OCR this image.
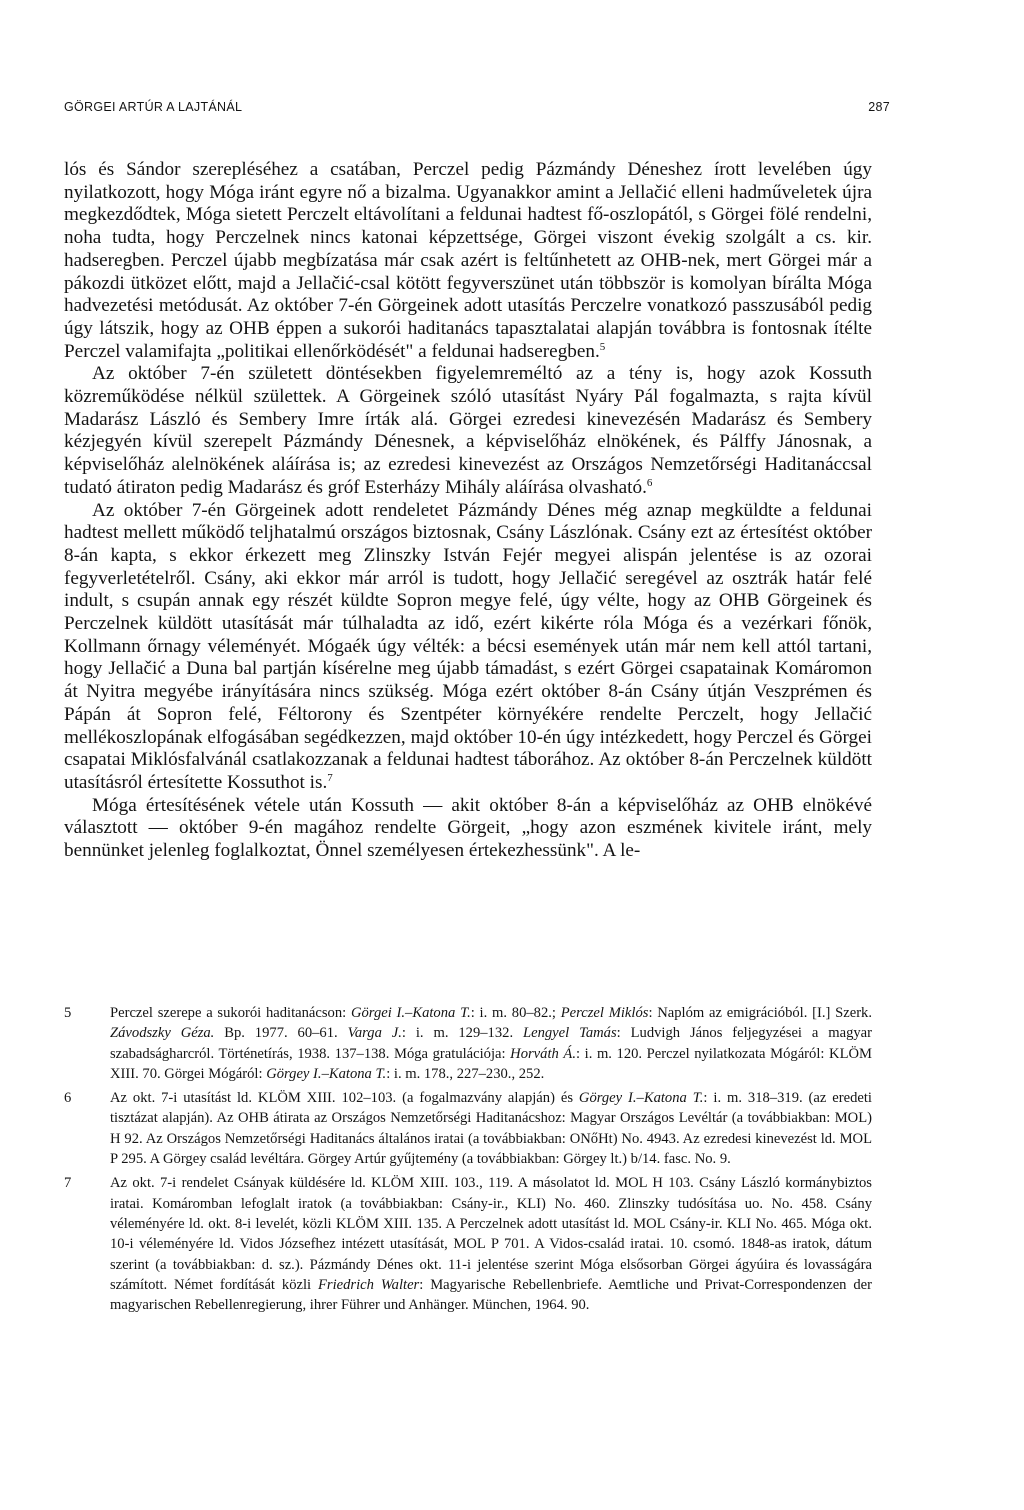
GÖRGEI ARTÚR A LAJTÁNÁL	287

lós és Sándor szerepléséhez a csatában, Perczel pedig Pázmándy Déneshez írott levelében úgy nyilatkozott, hogy Móga iránt egyre nő a bizalma. Ugyanakkor amint a Jellačić elleni hadműveletek újra megkezdődtek, Móga sietett Perczelt eltávolítani a feldunai hadtest fő-oszlopától, s Görgei fölé rendelni, noha tudta, hogy Perczelnek nincs katonai képzettsége, Görgei viszont évekig szolgált a cs. kir. hadseregben. Perczel újabb megbízatása már csak azért is feltűnhetett az OHB-nek, mert Görgei már a pákozdi ütközet előtt, majd a Jellačić-csal kötött fegyverszünet után többször is komolyan bírálta Móga hadvezetési metódusát. Az október 7-én Görgeinek adott utasítás Perczelre vonatkozó passzusából pedig úgy látszik, hogy az OHB éppen a sukorói haditanács tapasztalatai alapján továbbra is fontosnak ítélte Perczel valamifajta „politikai ellenőrködését" a feldunai hadseregben.$^5$

Az október 7-én született döntésekben figyelemreméltó az a tény is, hogy azok Kossuth közreműködése nélkül születtek. A Görgeinek szóló utasítást Nyáry Pál fogalmazta, s rajta kívül Madarász László és Sembery Imre írták alá. Görgei ezredesi kinevezésén Madarász és Sembery kézjegyén kívül szerepelt Pázmándy Dénesnek, a képviselőház elnökének, és Pálffy Jánosnak, a képviselőház alelnökének aláírása is; az ezredesi kinevezést az Országos Nemzetőrségi Haditanáccsal tudató átiraton pedig Madarász és gróf Esterházy Mihály aláírása olvasható.$^6$

Az október 7-én Görgeinek adott rendeletet Pázmándy Dénes még aznap megküldte a feldunai hadtest mellett működő teljhatalmú országos biztosnak, Csány Lászlónak. Csány ezt az értesítést október 8-án kapta, s ekkor érkezett meg Zlinszky István Fejér megyei alispán jelentése is az ozorai fegyverletételről. Csány, aki ekkor már arról is tudott, hogy Jellačić seregével az osztrák határ felé indult, s csupán annak egy részét küldte Sopron megye felé, úgy vélte, hogy az OHB Görgeinek és Perczelnek küldött utasítását már túlhaladta az idő, ezért kikérte róla Móga és a vezérkari főnök, Kollmann őrnagy véleményét. Mógaék úgy vélték: a bécsi események után már nem kell attól tartani, hogy Jellačić a Duna bal partján kísérelne meg újabb támadást, s ezért Görgei csapatainak Komáromon át Nyitra megyébe irányítására nincs szükség. Móga ezért október 8-án Csány útján Veszprémen és Pápán át Sopron felé, Féltorony és Szentpéter környékére rendelte Perczelt, hogy Jellačić mellékoszlopának elfogásában segédkezzen, majd október 10-én úgy intézkedett, hogy Perczel és Görgei csapatai Miklósfalvánál csatlakozzanak a feldunai hadtest táborához. Az október 8-án Perczelnek küldött utasításról értesítette Kossuthot is.$^7$

Móga értesítésének vétele után Kossuth — akit október 8-án a képviselőház az OHB elnökévé választott — október 9-én magához rendelte Görgeit, „hogy azon eszmének kivitele iránt, mely bennünket jelenleg foglalkoztat, Önnel személyesen értekezhessünk". A le-

5	Perczel szerepe a sukorói haditanácson: Görgei I.–Katona T.: i. m. 80–82.; Perczel Miklós: Naplóm az emigrációból. [I.] Szerk. Závodszky Géza. Bp. 1977. 60–61. Varga J.: i. m. 129–132. Lengyel Tamás: Ludvigh János feljegyzései a magyar szabadságharcról. Történetírás, 1938. 137–138. Móga gratulációja: Horváth Á.: i. m. 120. Perczel nyilatkozata Mógáról: KLÖM XIII. 70. Görgei Mógáról: Görgey I.–Katona T.: i. m. 178., 227–230., 252.
6	Az okt. 7-i utasítást ld. KLÖM XIII. 102–103. (a fogalmazvány alapján) és Görgey I.–Katona T.: i. m. 318–319. (az eredeti tisztázat alapján). Az OHB átirata az Országos Nemzetőrségi Haditanácshoz: Magyar Országos Levéltár (a továbbiakban: MOL) H 92. Az Országos Nemzetőrségi Haditanács általános iratai (a továbbiakban: ONőHt) No. 4943. Az ezredesi kinevezést ld. MOL P 295. A Görgey család levéltára. Görgey Artúr gyűjtemény (a továbbiakban: Görgey lt.) b/14. fasc. No. 9.
7	Az okt. 7-i rendelet Csányak küldésére ld. KLÖM XIII. 103., 119. A másolatot ld. MOL H 103. Csány László kormánybiztos iratai. Komáromban lefoglalt iratok (a továbbiakban: Csány-ir., KLI) No. 460. Zlinszky tudósítása uo. No. 458. Csány véleményére ld. okt. 8-i levelét, közli KLÖM XIII. 135. A Perczelnek adott utasítást ld. MOL Csány-ir. KLI No. 465. Móga okt. 10-i véleményére ld. Vidos Józsefhez intézett utasítását, MOL P 701. A Vidos-család iratai. 10. csomó. 1848-as iratok, dátum szerint (a továbbiakban: d. sz.). Pázmándy Dénes okt. 11-i jelentése szerint Móga elsősorban Görgei ágyúira és lovasságára számított. Német fordítását közli Friedrich Walter: Magyarische Rebellenbriefe. Aemtliche und Privat-Correspondenzen der magyarischen Rebellenregierung, ihrer Führer und Anhänger. München, 1964. 90.
